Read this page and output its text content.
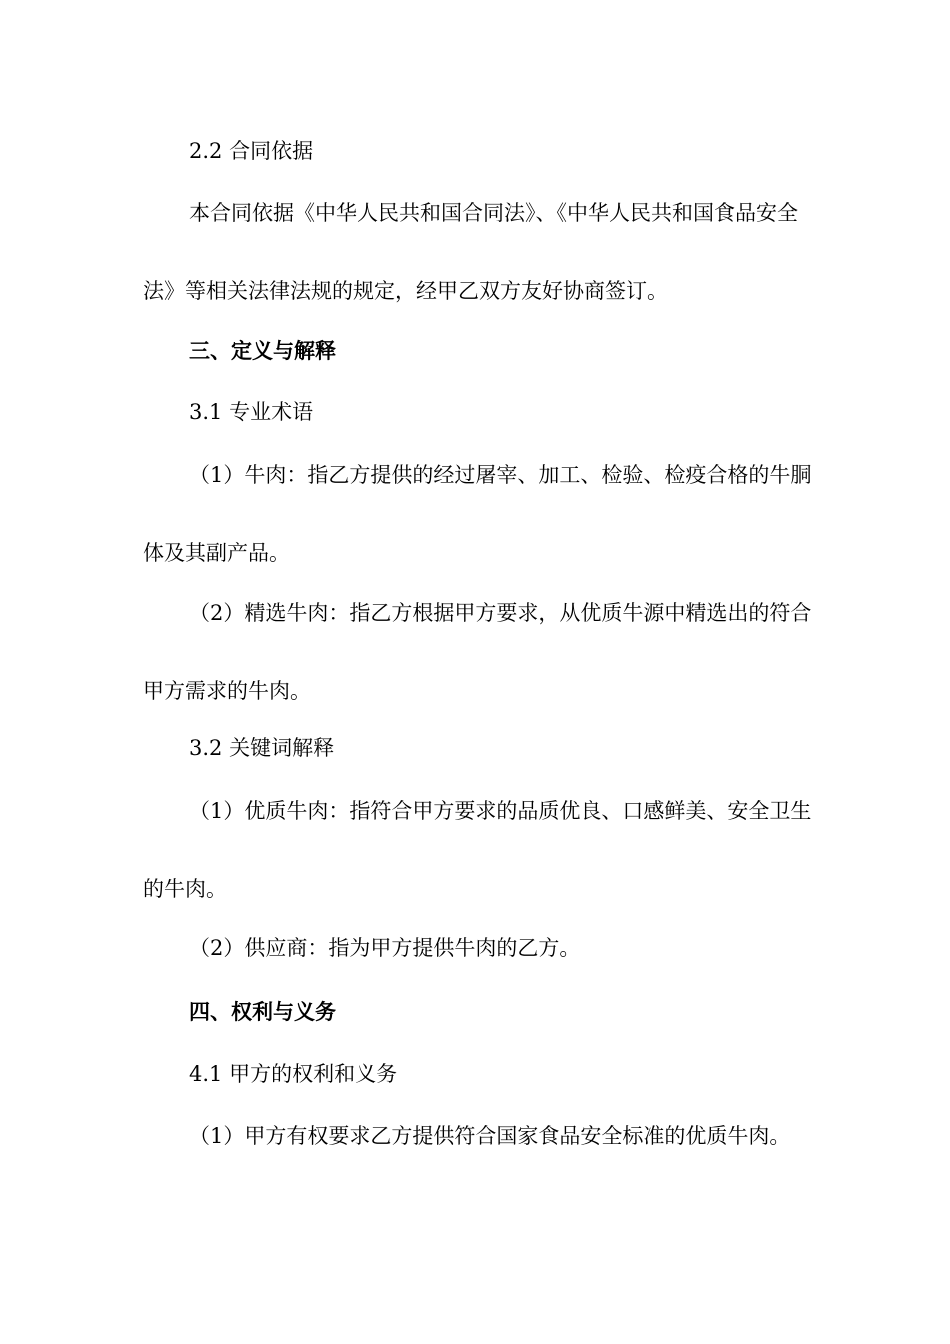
2.2 合同依据
本合同依据《中华人民共和国合同法》、《中华人民共和国食品安全法》等相关法律法规的规定，经甲乙双方友好协商签订。
三、定义与解释
3.1 专业术语
（1）牛肉：指乙方提供的经过屠宰、加工、检验、检疫合格的牛胴体及其副产品。
（2）精选牛肉：指乙方根据甲方要求，从优质牛源中精选出的符合甲方需求的牛肉。
3.2 关键词解释
（1）优质牛肉：指符合甲方要求的品质优良、口感鲜美、安全卫生的牛肉。
（2）供应商：指为甲方提供牛肉的乙方。
四、权利与义务
4.1 甲方的权利和义务
（1）甲方有权要求乙方提供符合国家食品安全标准的优质牛肉。
